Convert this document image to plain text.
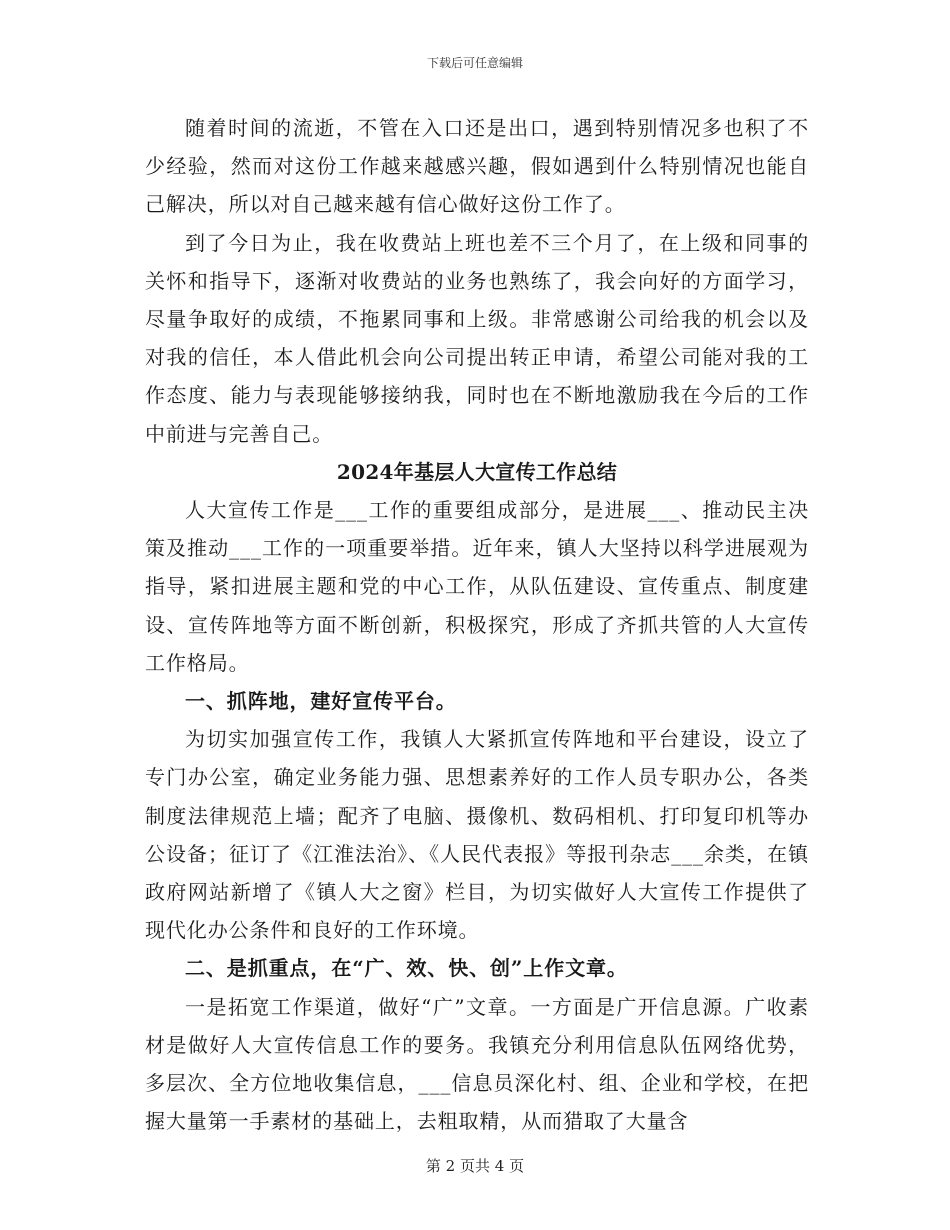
下载后可任意编辑

随着时间的流逝，不管在入口还是出口，遇到特别情况多也积了不少经验，然而对这份工作越来越感兴趣，假如遇到什么特别情况也能自己解决，所以对自己越来越有信心做好这份工作了。

到了今日为止，我在收费站上班也差不三个月了，在上级和同事的关怀和指导下，逐渐对收费站的业务也熟练了，我会向好的方面学习，尽量争取好的成绩，不拖累同事和上级。非常感谢公司给我的机会以及对我的信任，本人借此机会向公司提出转正申请，希望公司能对我的工作态度、能力与表现能够接纳我，同时也在不断地激励我在今后的工作中前进与完善自己。

2024年基层人大宣传工作总结

人大宣传工作是___工作的重要组成部分，是进展___、推动民主决策及推动___工作的一项重要举措。近年来，镇人大坚持以科学进展观为指导，紧扣进展主题和党的中心工作，从队伍建设、宣传重点、制度建设、宣传阵地等方面不断创新，积极探究，形成了齐抓共管的人大宣传工作格局。

一、抓阵地，建好宣传平台。

为切实加强宣传工作，我镇人大紧抓宣传阵地和平台建设，设立了专门办公室，确定业务能力强、思想素养好的工作人员专职办公，各类制度法律规范上墙；配齐了电脑、摄像机、数码相机、打印复印机等办公设备；征订了《江淮法治》、《人民代表报》等报刊杂志___余类，在镇政府网站新增了《镇人大之窗》栏目，为切实做好人大宣传工作提供了现代化办公条件和良好的工作环境。

二、是抓重点，在“广、效、快、创”上作文章。

一是拓宽工作渠道，做好“广”文章。一方面是广开信息源。广收素材是做好人大宣传信息工作的要务。我镇充分利用信息队伍网络优势，多层次、全方位地收集信息，___信息员深化村、组、企业和学校，在把握大量第一手素材的基础上，去粗取精，从而猎取了大量含

第 2 页共 4 页
